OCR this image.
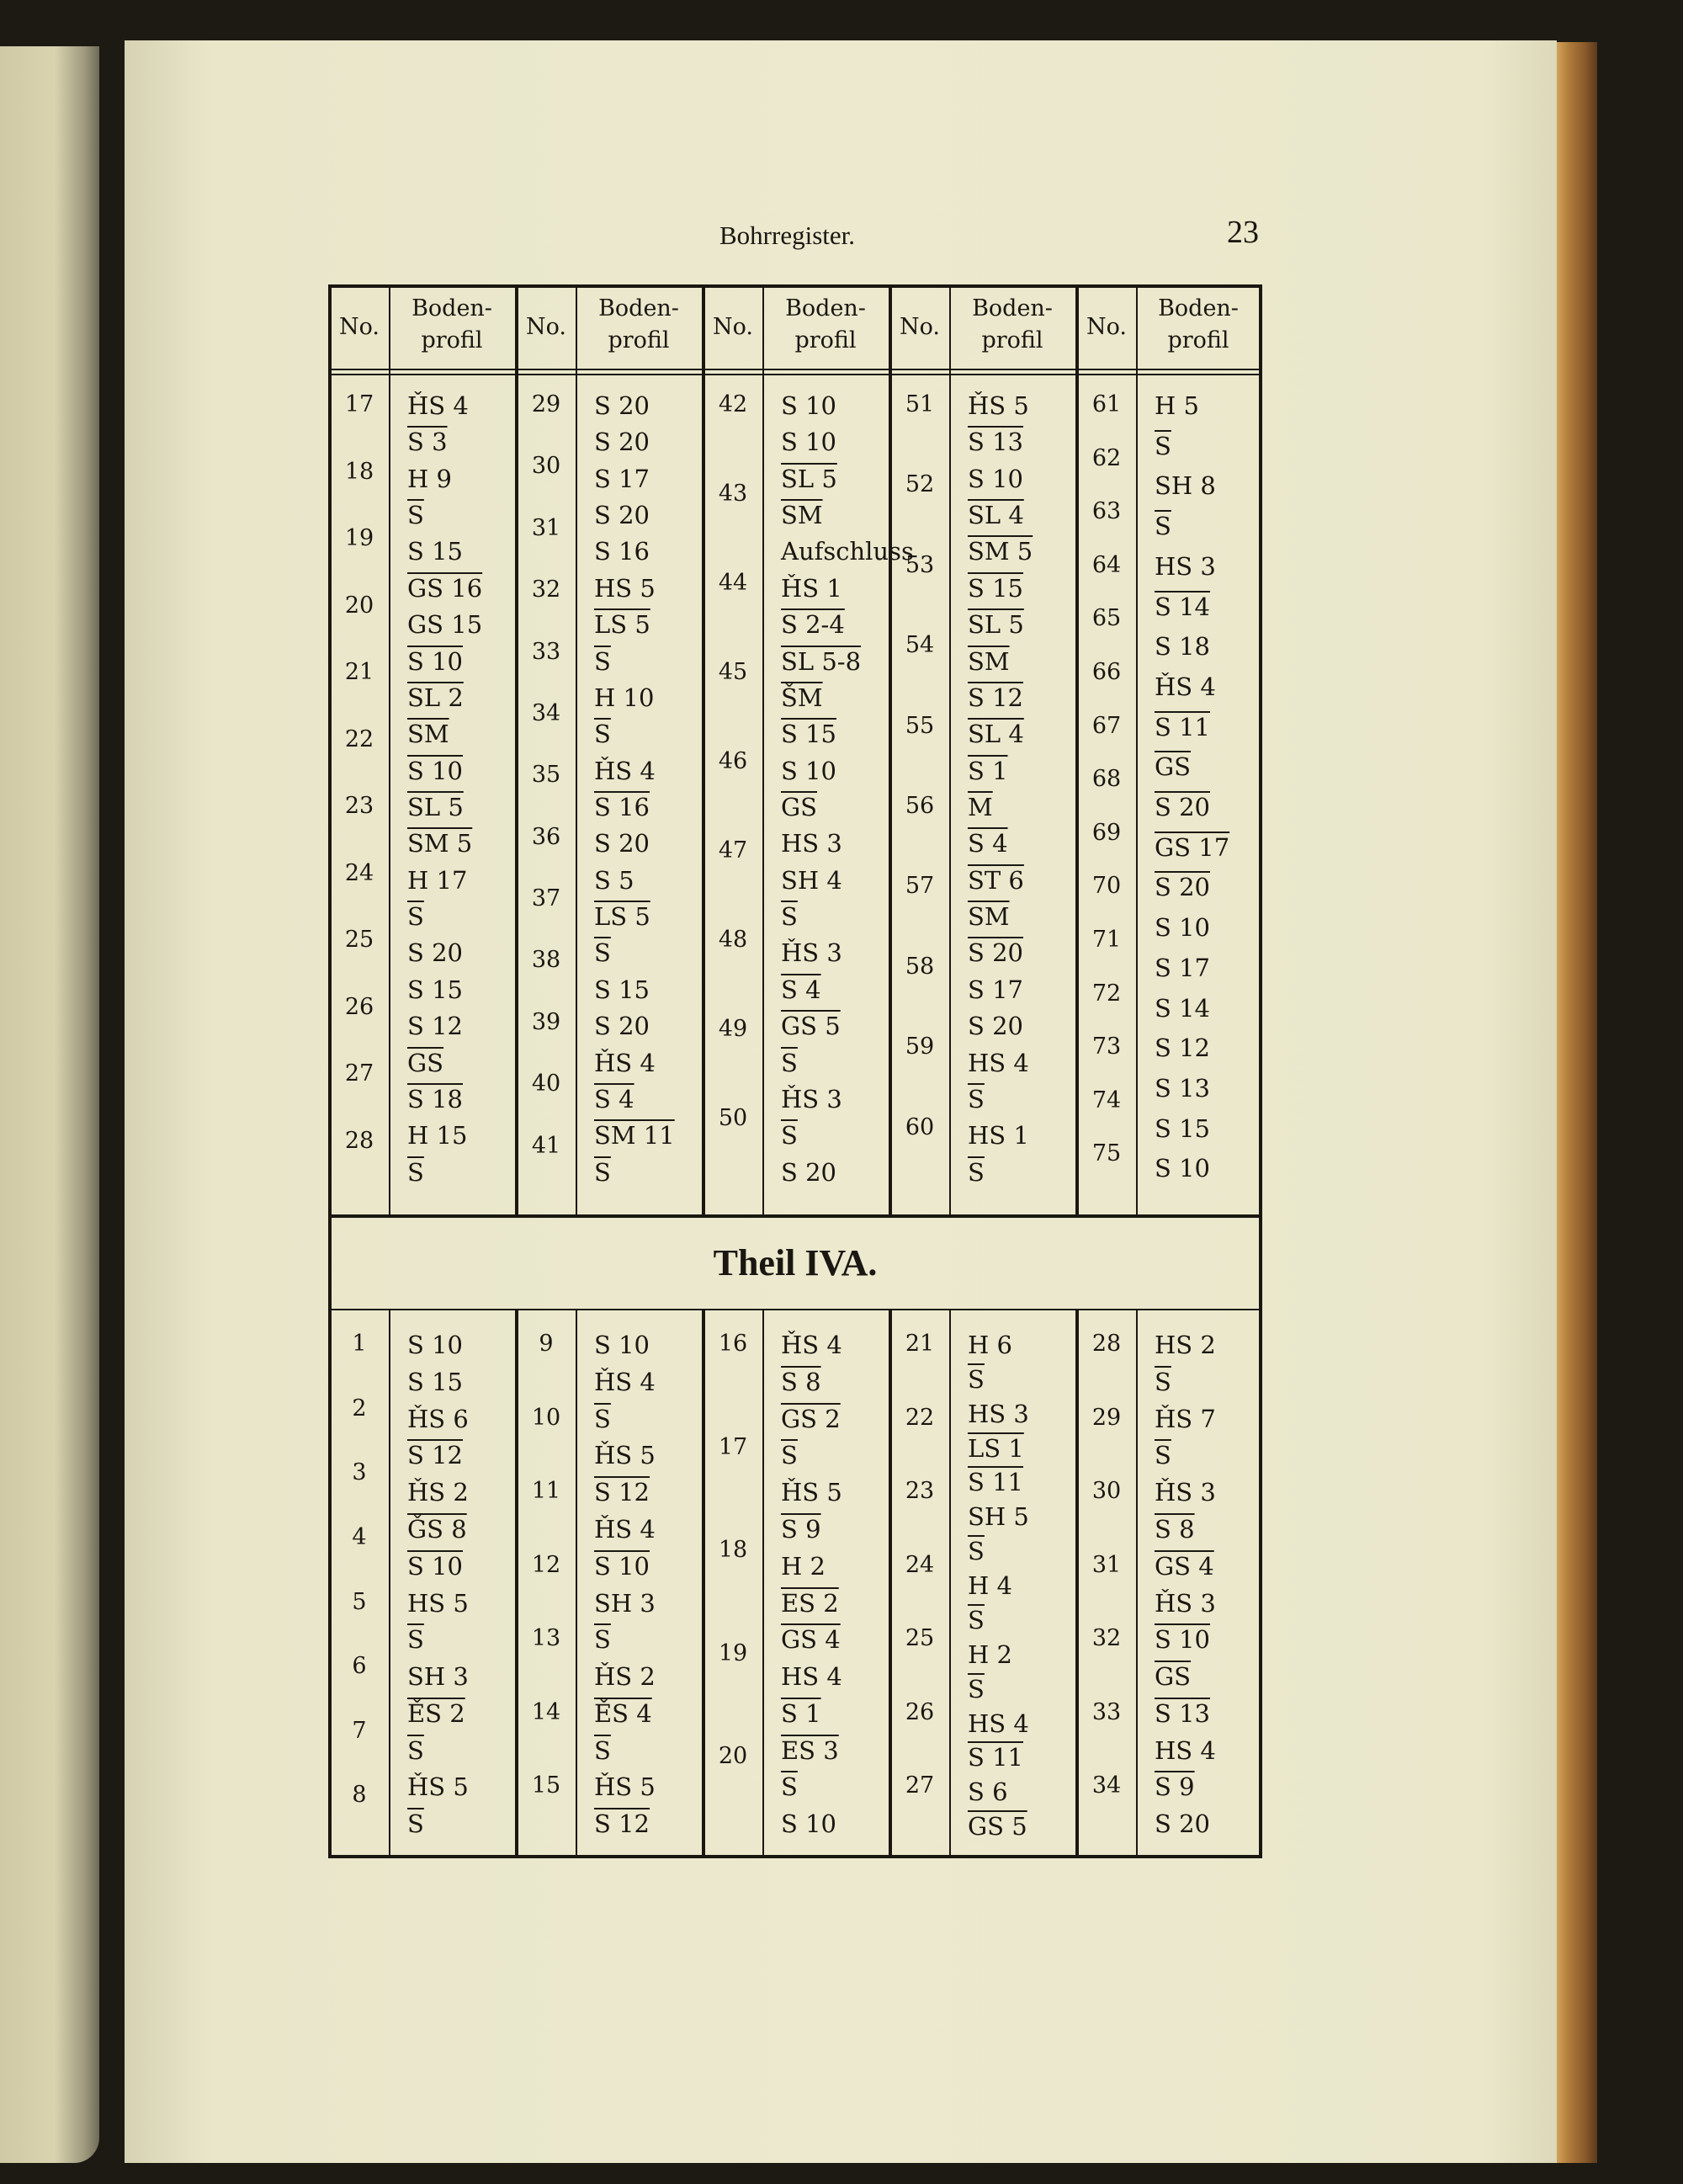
Bohrregister.	23
No.
Boden-
profil
No.
Boden-
profil
No.
Boden-
profil
No.
Boden-
profil
No.
Boden-
profil
Theil IVA.
17
18
19
20
21
22
23
24
25
26
27
28
ȞS 4
S 3
H 9
$\overline{S}$
S 15
GS 16
GS 15
S 10
SL 2
$\overline{SM}$
S 10
SL 5
SM 5
H 17
$\overline{S}$
S 20
S 15
S 12
$\overline{GS}$
S 18
H 15
$\overline{S}$
29
30
31
32
33
34
35
36
37
38
39
40
41
S 20
S 20
S 17
S 20
S 16
HS 5
LS 5
$\overline{S}$
H 10
$\overline{S}$
ȞS 4
S 16
S 20
S 5
LS 5
$\overline{S}$
S 15
S 20
ȞS 4
S 4
SM 11
$\overline{S}$
42
43
44
45
46
47
48
49
50
S 10
S 10
SL 5
$\overline{SM}$
Aufschluss
ȞS 1
S 2-4
SL 5-8
$\overline{ŠM}$
S 15
S 10
$\overline{GS}$
HS 3
SH 4
$\overline{S}$
ȞS 3
S 4
GS 5
$\overline{S}$
ȞS 3
$\overline{S}$
S 20
51
52
53
54
55
56
57
58
59
60
ȞS 5
S 13
S 10
SL 4
SM 5
S 15
SL 5
$\overline{SM}$
S 12
SL 4
S 1
$\overline{M}$
S 4
ST 6
$\overline{SM}$
S 20
S 17
S 20
HS 4
$\overline{S}$
HS 1
$\overline{S}$
61
62
63
64
65
66
67
68
69
70
71
72
73
74
75
H 5
$\overline{S}$
SH 8
$\overline{S}$
HS 3
S 14
S 18
ȞS 4
S 11
$\overline{GS}$
S 20
GS 17
S 20
S 10
S 17
S 14
S 12
S 13
S 15
S 10
1
2
3
4
5
6
7
8
S 10
S 15
ȞS 6
S 12
ȞS 2
ǦS 8
S 10
HS 5
$\overline{S}$
SH 3
ĚS 2
$\overline{S}$
ȞS 5
$\overline{S}$
9
10
11
12
13
14
15
S 10
ȞS 4
$\overline{S}$
ȞS 5
S 12
ȞS 4
S 10
SH 3
$\overline{S}$
ȞS 2
ĚS 4
$\overline{S}$
ȞS 5
S 12
16
17
18
19
20
ȞS 4
S 8
GS 2
$\overline{S}$
ȞS 5
S 9
H 2
ES 2
GS 4
HS 4
S 1
ES 3
$\overline{S}$
S 10
21
22
23
24
25
26
27
H 6
$\overline{S}$
HS 3
LS 1
S 11
SH 5
$\overline{S}$
H 4
$\overline{S}$
H 2
$\overline{S}$
HS 4
S 11
S 6
GS 5
28
29
30
31
32
33
34
HS 2
$\overline{S}$
ȞS 7
$\overline{S}$
ȞS 3
S 8
GS 4
ȞS 3
S 10
$\overline{GS}$
S 13
HS 4
S 9
S 20
